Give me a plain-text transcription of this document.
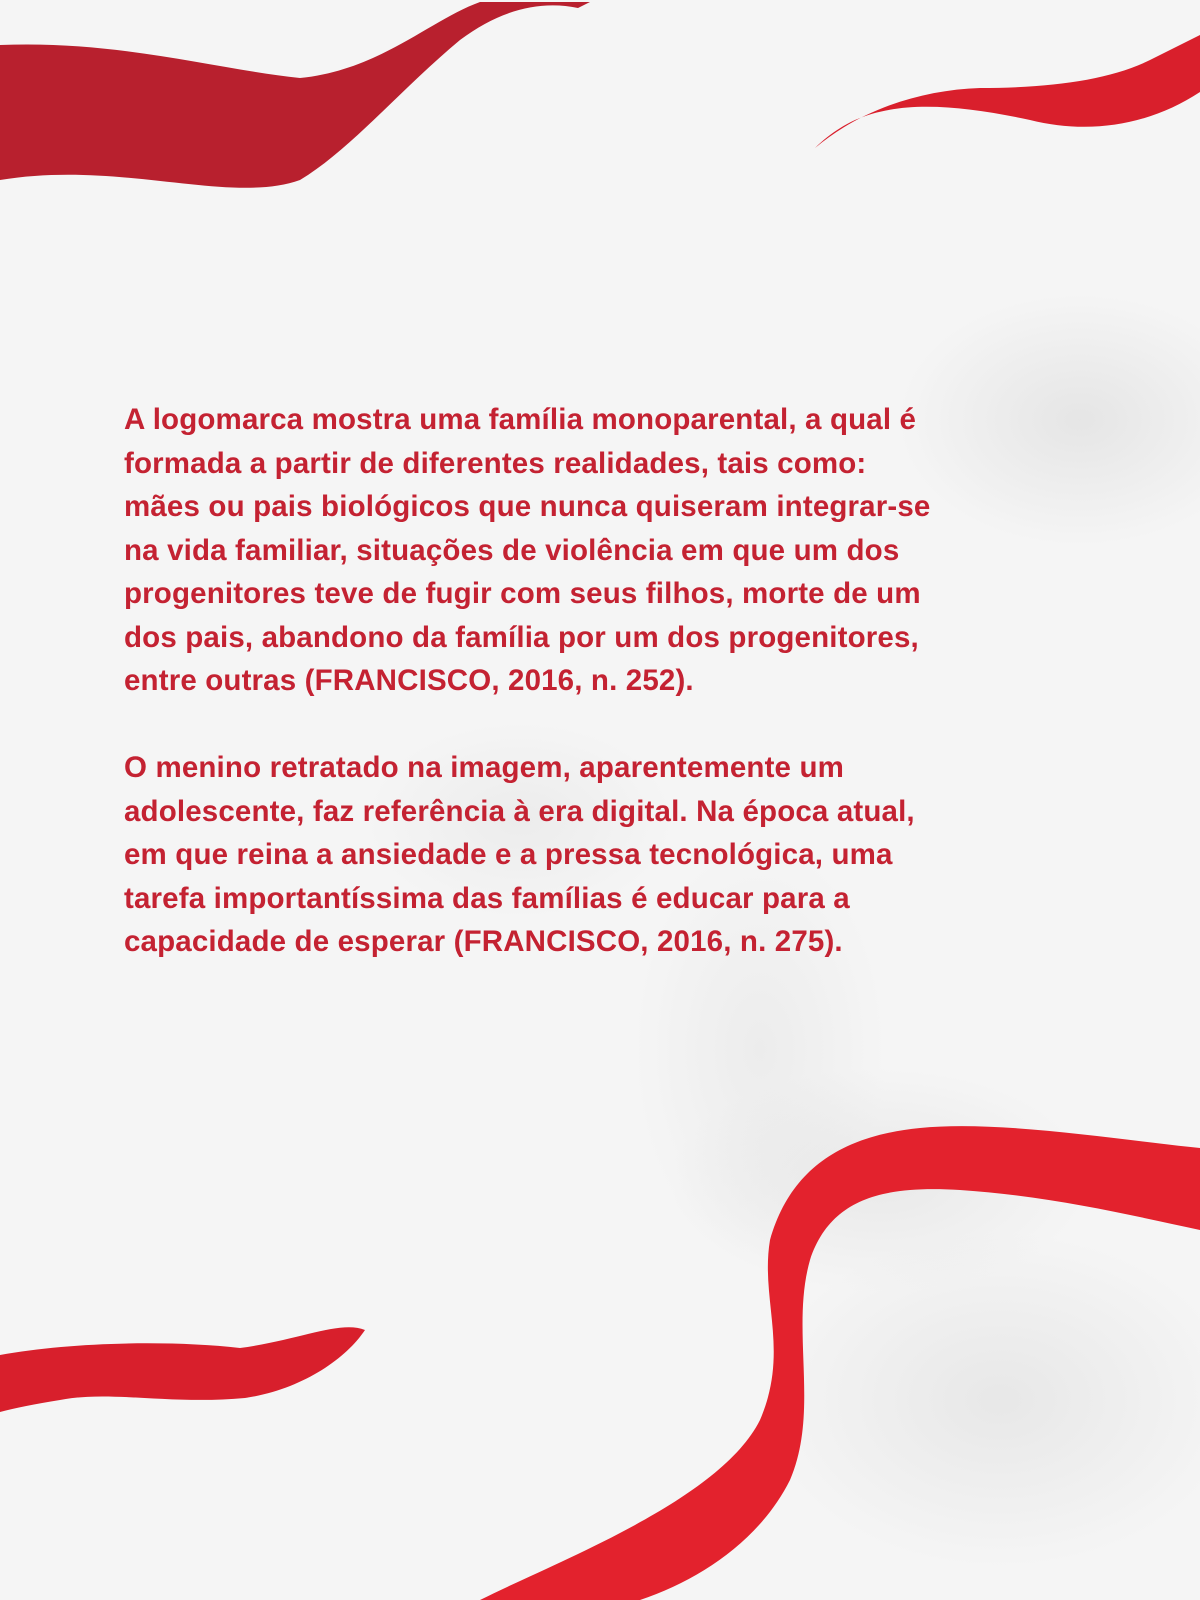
A logomarca mostra uma família monoparental, a qual é
formada a partir de diferentes realidades, tais como:
mães ou pais biológicos que nunca quiseram integrar-se
na vida familiar, situações de violência em que um dos
progenitores teve de fugir com seus filhos, morte de um
dos pais, abandono da família por um dos progenitores,
entre outras (FRANCISCO, 2016, n. 252).

O menino retratado na imagem, aparentemente um
adolescente, faz referência à era digital. Na época atual,
em que reina a ansiedade e a pressa tecnológica, uma
tarefa importantíssima das famílias é educar para a
capacidade de esperar (FRANCISCO, 2016, n. 275).
